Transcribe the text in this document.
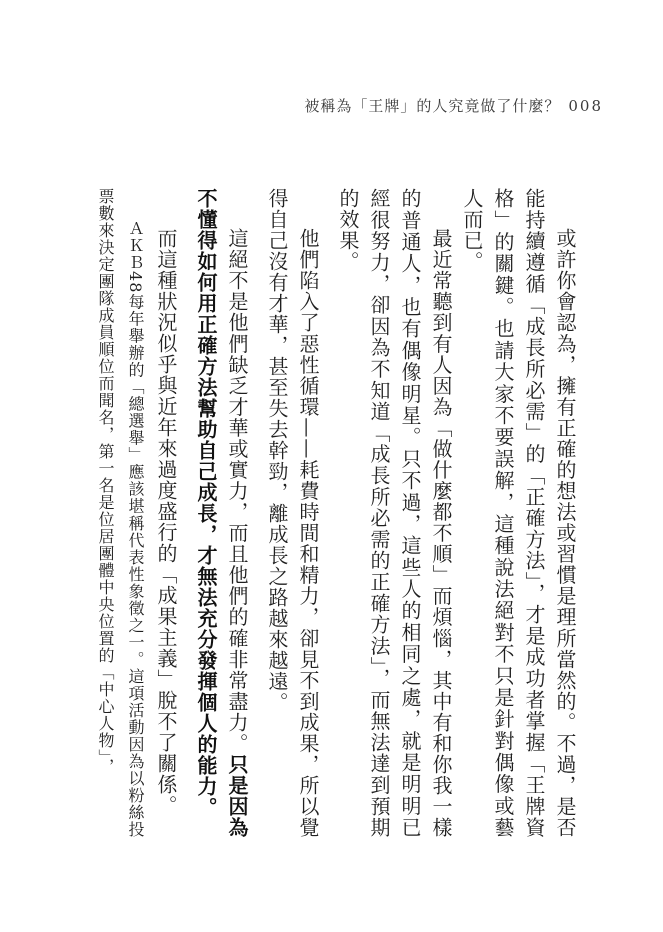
被稱為「王牌」的人究竟做了什麼？ 008

或許你會認為，擁有正確的想法或習慣是理所當然的。不過，是否能持續遵循「成長所必需」的「正確方法」，才是成功者掌握「王牌資格」的關鍵。也請大家不要誤解，這種說法絕對不只是針對偶像或藝人而已。

最近常聽到有人因為「做什麼都不順」而煩惱，其中有和你我一樣的普通人，也有偶像明星。只不過，這些人的相同之處，就是明明已經很努力，卻因為不知道「成長所必需的正確方法」，而無法達到預期的效果。

他們陷入了惡性循環——耗費時間和精力，卻見不到成果，所以覺得自己沒有才華，甚至失去幹勁，離成長之路越來越遠。

這絕不是他們缺乏才華或實力，而且他們的確非常盡力。只是因為不懂得如何用正確方法幫助自己成長，才無法充分發揮個人的能力。

而這種狀況似乎與近年來過度盛行的「成果主義」脫不了關係。

ＡＫＢ48每年舉辦的「總選舉」應該堪稱代表性象徵之一。這項活動因為以粉絲投票數來決定團隊成員順位而聞名，第一名是位居團體中央位置的「中心人物」，
